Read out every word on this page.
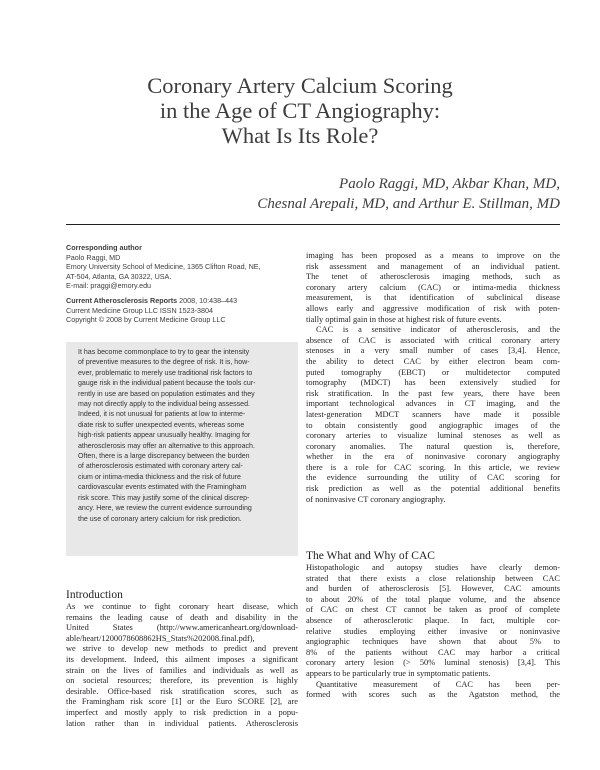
Coronary Artery Calcium Scoring
in the Age of CT Angiography:
What Is Its Role?
Paolo Raggi, MD, Akbar Khan, MD,
Chesnal Arepali, MD, and Arthur E. Stillman, MD
Corresponding author
Paolo Raggi, MD
Emory University School of Medicine, 1365 Clifton Road, NE,
AT-504, Atlanta, GA 30322, USA.
E-mail: praggi@emory.edu
Current Atherosclerosis Reports 2008, 10:438–443
Current Medicine Group LLC ISSN 1523-3804
Copyright © 2008 by Current Medicine Group LLC
It has become commonplace to try to gear the intensity
of preventive measures to the degree of risk. It is, how-
ever, problematic to merely use traditional risk factors to
gauge risk in the individual patient because the tools cur-
rently in use are based on population estimates and they
may not directly apply to the individual being assessed.
Indeed, it is not unusual for patients at low to interme-
diate risk to suffer unexpected events, whereas some
high-risk patients appear unusually healthy. Imaging for
atherosclerosis may offer an alternative to this approach.
Often, there is a large discrepancy between the burden
of atherosclerosis estimated with coronary artery cal-
cium or intima-media thickness and the risk of future
cardiovascular events estimated with the Framingham
risk score. This may justify some of the clinical discrep-
ancy. Here, we review the current evidence surrounding
the use of coronary artery calcium for risk prediction.
Introduction
As we continue to fight coronary heart disease, which
remains the leading cause of death and disability in the
United States (http://www.americanheart.org/download-
able/heart/1200078608862HS_Stats%202008.final.pdf),
we strive to develop new methods to predict and prevent
its development. Indeed, this ailment imposes a significant
strain on the lives of families and individuals as well as
on societal resources; therefore, its prevention is highly
desirable. Office-based risk stratification scores, such as
the Framingham risk score [1] or the Euro SCORE [2], are
imperfect and mostly apply to risk prediction in a popu-
lation rather than in individual patients. Atherosclerosis
imaging has been proposed as a means to improve on the
risk assessment and management of an individual patient.
The tenet of atherosclerosis imaging methods, such as
coronary artery calcium (CAC) or intima-media thickness
measurement, is that identification of subclinical disease
allows early and aggressive modification of risk with poten-
tially optimal gain in those at highest risk of future events.
CAC is a sensitive indicator of atherosclerosis, and the
absence of CAC is associated with critical coronary artery
stenoses in a very small number of cases [3,4]. Hence,
the ability to detect CAC by either electron beam com-
puted tomography (EBCT) or multidetector computed
tomography (MDCT) has been extensively studied for
risk stratification. In the past few years, there have been
important technological advances in CT imaging, and the
latest-generation MDCT scanners have made it possible
to obtain consistently good angiographic images of the
coronary arteries to visualize luminal stenoses as well as
coronary anomalies. The natural question is, therefore,
whether in the era of noninvasive coronary angiography
there is a role for CAC scoring. In this article, we review
the evidence surrounding the utility of CAC scoring for
risk prediction as well as the potential additional benefits
of noninvasive CT coronary angiography.
The What and Why of CAC
Histopathologic and autopsy studies have clearly demon-
strated that there exists a close relationship between CAC
and burden of atherosclerosis [5]. However, CAC amounts
to about 20% of the total plaque volume, and the absence
of CAC on chest CT cannot be taken as proof of complete
absence of atherosclerotic plaque. In fact, multiple cor-
relative studies employing either invasive or noninvasive
angiographic techniques have shown that about 5% to
8% of the patients without CAC may harbor a critical
coronary artery lesion (> 50% luminal stenosis) [3,4]. This
appears to be particularly true in symptomatic patients.
Quantitative measurement of CAC has been per-
formed with scores such as the Agatston method, the
